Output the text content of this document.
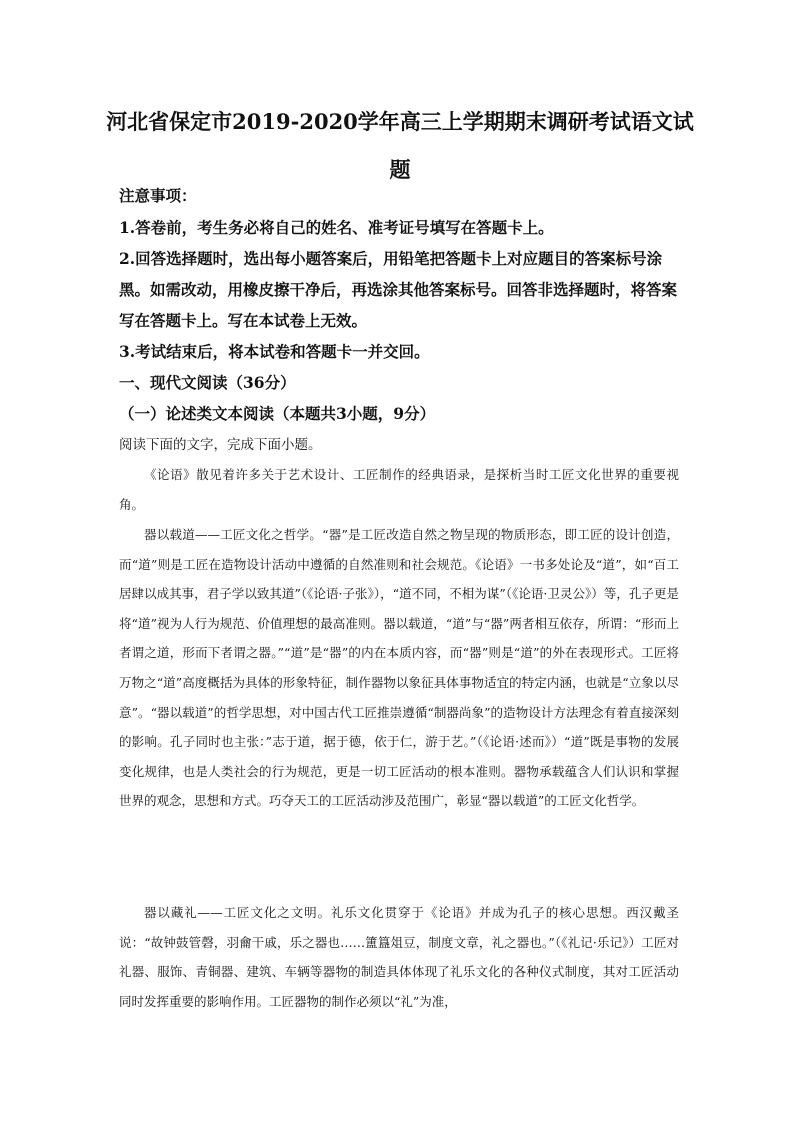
河北省保定市2019-2020学年高三上学期期末调研考试语文试题

注意事项：

1.答卷前，考生务必将自己的姓名、准考证号填写在答题卡上。

2.回答选择题时，选出每小题答案后，用铅笔把答题卡上对应题目的答案标号涂黑。如需改动，用橡皮擦干净后，再选涂其他答案标号。回答非选择题时，将答案写在答题卡上。写在本试卷上无效。

3.考试结束后，将本试卷和答题卡一并交回。

一、现代文阅读（36分）

（一）论述类文本阅读（本题共3小题，9分）

阅读下面的文字，完成下面小题。

《论语》散见着许多关于艺术设计、工匠制作的经典语录，是探析当时工匠文化世界的重要视角。

器以载道——工匠文化之哲学。“器”是工匠改造自然之物呈现的物质形态，即工匠的设计创造，而“道”则是工匠在造物设计活动中遵循的自然准则和社会规范。《论语》一书多处论及“道”，如“百工居肆以成其事，君子学以致其道”（《论语·子张》），“道不同，不相为谋”（《论语·卫灵公》）等，孔子更是将“道”视为人行为规范、价值理想的最高准则。器以载道，“道”与“器”两者相互依存，所谓：“形而上者谓之道，形而下者谓之器。”“道”是“器”的内在本质内容，而“器”则是“道”的外在表现形式。工匠将万物之“道”高度概括为具体的形象特征，制作器物以象征具体事物适宜的特定内涵，也就是“立象以尽意”。“器以载道”的哲学思想，对中国古代工匠推崇遵循“制器尚象”的造物设计方法理念有着直接深刻的影响。孔子同时也主张：”志于道，据于德，依于仁，游于艺。”（《论语·述而》）“道”既是事物的发展变化规律，也是人类社会的行为规范，更是一切工匠活动的根本准则。器物承载蕴含人们认识和掌握世界的观念，思想和方式。巧夺天工的工匠活动涉及范围广，彰显“器以载道”的工匠文化哲学。

器以藏礼——工匠文化之文明。礼乐文化贯穿于《论语》并成为孔子的核心思想。西汉戴圣说：“故钟鼓管磬，羽龠干戚，乐之器也……簠簋俎豆，制度文章，礼之器也。”（《礼记·乐记》）工匠对礼器、服饰、青铜器、建筑、车辆等器物的制造具体体现了礼乐文化的各种仪式制度，其对工匠活动同时发挥重要的影响作用。工匠器物的制作必须以“礼”为准，
